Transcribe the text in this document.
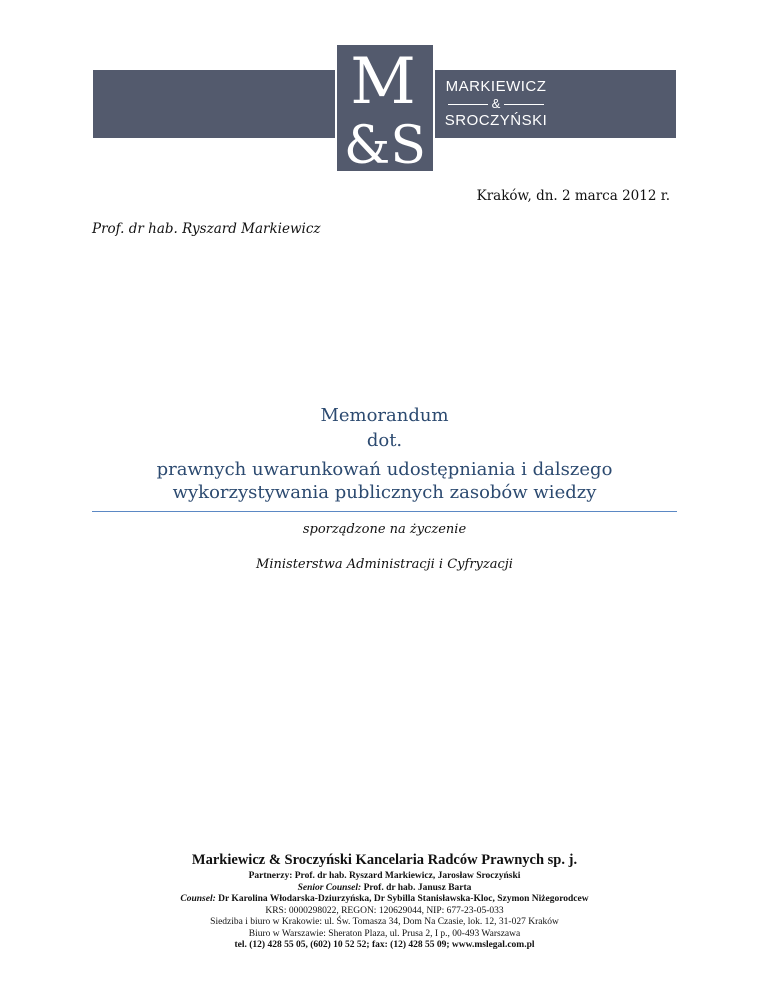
M
&S
MARKIEWICZ
&
SROCZYŃSKI
Kraków, dn. 2 marca 2012 r.
Prof. dr hab. Ryszard Markiewicz
Memorandum
dot.
prawnych uwarunkowań udostępniania i dalszego
wykorzystywania publicznych zasobów wiedzy
sporządzone na życzenie
Ministerstwa Administracji i Cyfryzacji
Markiewicz & Sroczyński Kancelaria Radców Prawnych sp. j.
Partnerzy: Prof. dr hab. Ryszard Markiewicz, Jarosław Sroczyński
Senior Counsel: Prof. dr hab. Janusz Barta
Counsel: Dr Karolina Włodarska-Dziurzyńska, Dr Sybilla Stanisławska-Kloc, Szymon Niżegorodcew
KRS: 0000298022, REGON: 120629044, NIP: 677-23-05-033
Siedziba i biuro w Krakowie: ul. Św. Tomasza 34, Dom Na Czasie, lok. 12, 31-027 Kraków
Biuro w Warszawie: Sheraton Plaza, ul. Prusa 2, I p., 00-493 Warszawa
tel. (12) 428 55 05, (602) 10 52 52; fax: (12) 428 55 09; www.mslegal.com.pl
